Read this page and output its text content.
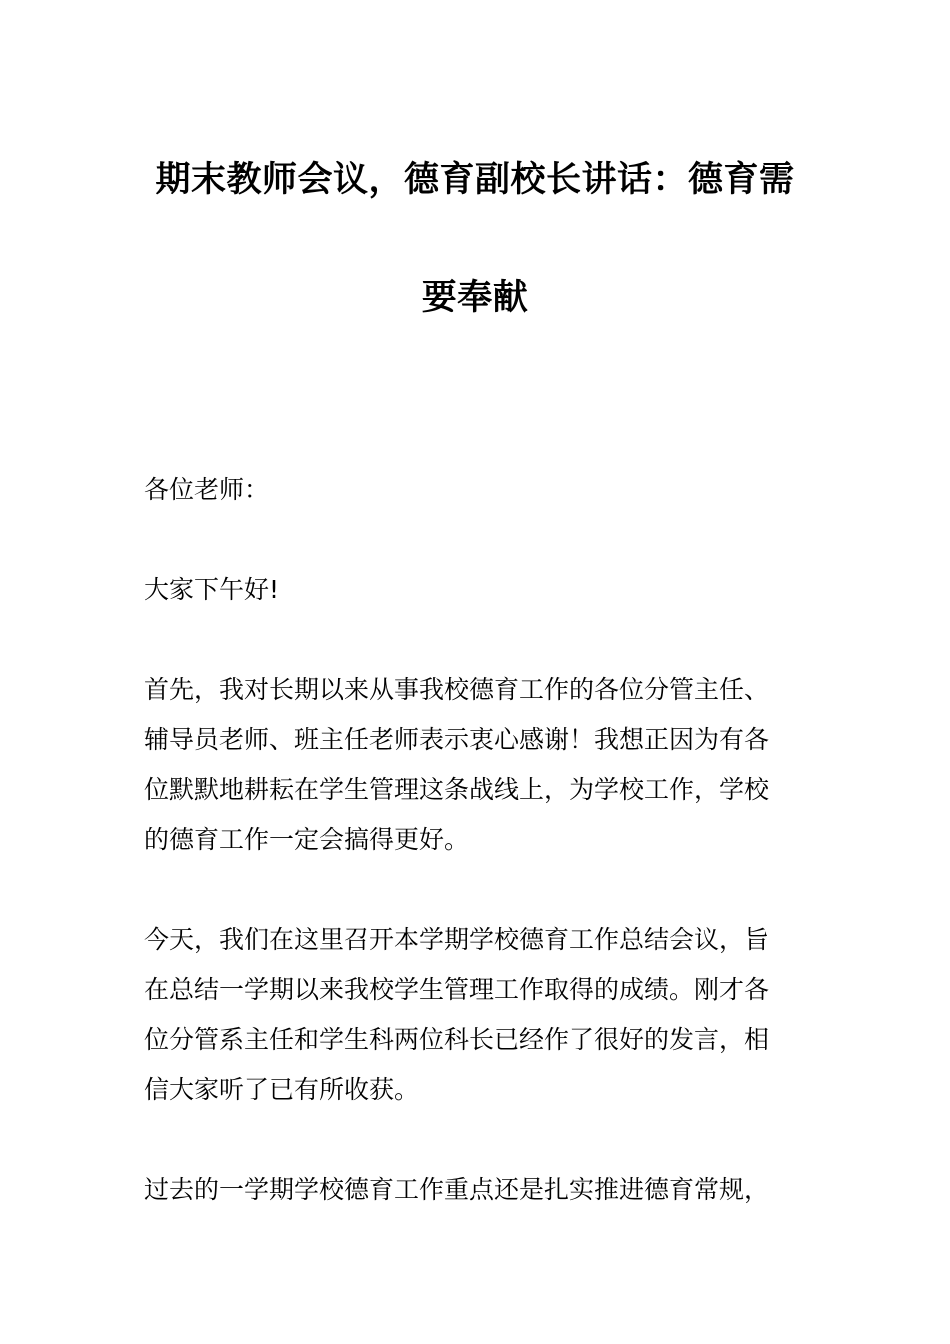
期末教师会议，德育副校长讲话：德育需
要奉献

各位老师：

大家下午好!

首先，我对长期以来从事我校德育工作的各位分管主任、
辅导员老师、班主任老师表示衷心感谢！我想正因为有各
位默默地耕耘在学生管理这条战线上，为学校工作，学校
的德育工作一定会搞得更好。

今天，我们在这里召开本学期学校德育工作总结会议，旨
在总结一学期以来我校学生管理工作取得的成绩。刚才各
位分管系主任和学生科两位科长已经作了很好的发言，相
信大家听了已有所收获。

过去的一学期学校德育工作重点还是扎实推进德育常规，
